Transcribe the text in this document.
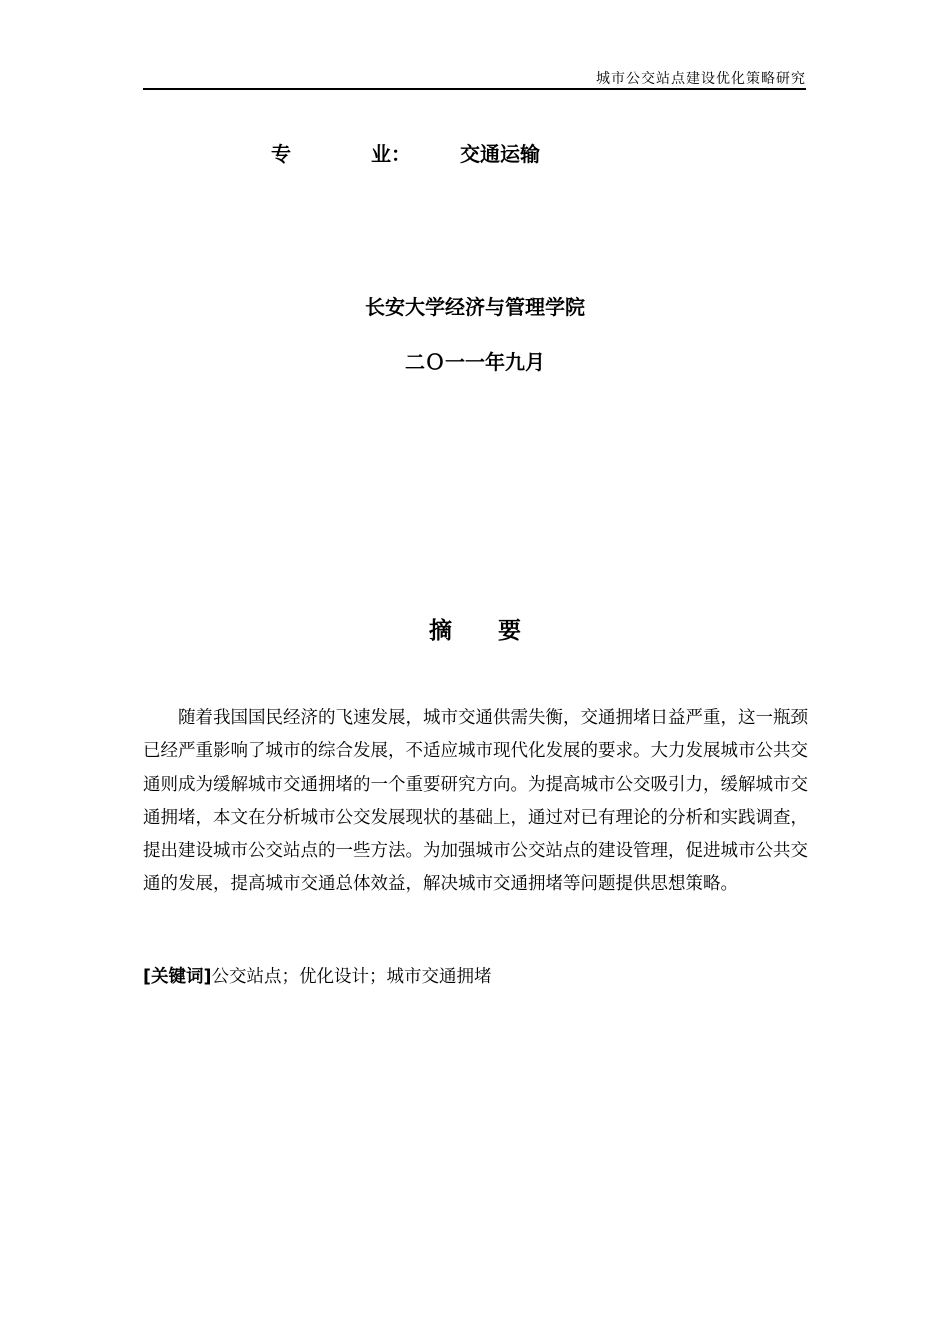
城市公交站点建设优化策略研究
专	业： 交通运输
长安大学经济与管理学院
二Ｏ一一年九月
摘 要

随着我国国民经济的飞速发展，城市交通供需失衡，交通拥堵日益严重，这一瓶颈已经严重影响了城市的综合发展，不适应城市现代化发展的要求。大力发展城市公共交通则成为缓解城市交通拥堵的一个重要研究方向。为提高城市公交吸引力，缓解城市交通拥堵，本文在分析城市公交发展现状的基础上，通过对已有理论的分析和实践调查，提出建设城市公交站点的一些方法。为加强城市公交站点的建设管理，促进城市公共交通的发展，提高城市交通总体效益，解决城市交通拥堵等问题提供思想策略。

[关键词]公交站点；优化设计；城市交通拥堵
